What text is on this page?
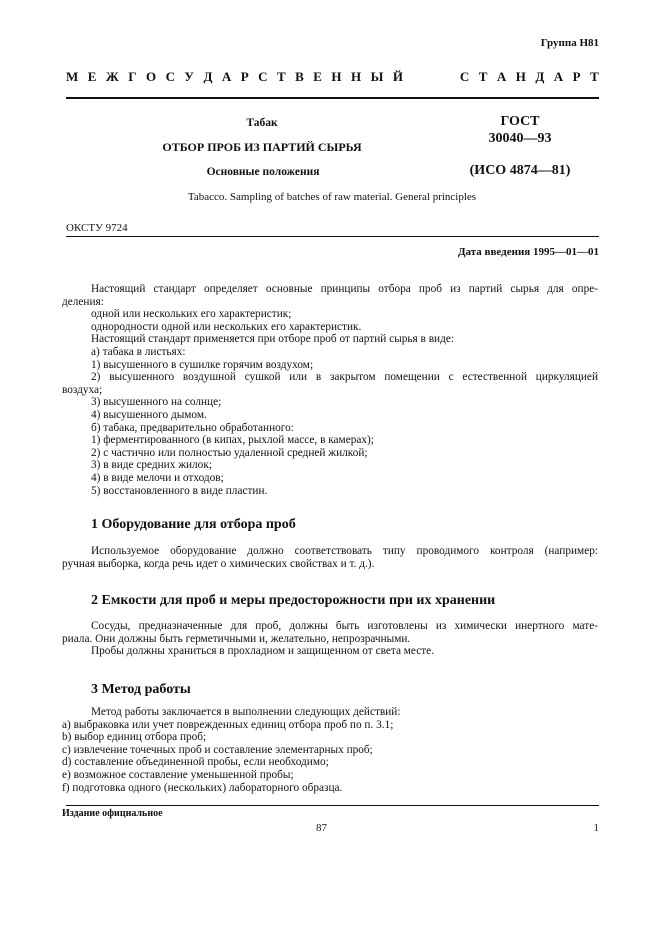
Группа Н81
М Е Ж Г О С У Д А Р С Т В Е Н Н Ы Й	С Т А Н Д А Р Т
Табак
ОТБОР ПРОБ ИЗ ПАРТИЙ СЫРЬЯ
Основные положения
ГОСТ
30040—93
(ИСО 4874—81)
Tabacco. Sampling of batches of raw material. General principles
ОКСТУ 9724
Дата введения 1995—01—01

Настоящий стандарт определяет основные принципы отбора проб из партий сырья для опре-

деления:

одной или нескольких его характеристик;

однородности одной или нескольких его характеристик.

Настоящий стандарт применяется при отборе проб от партий сырья в виде:

а) табака в листьях:

1) высушенного в сушилке горячим воздухом;

2) высушенного воздушной сушкой или в закрытом помещении с естественной циркуляцией

воздуха;

3) высушенного на солнце;

4) высушенного дымом.

б) табака, предварительно обработанного:

1) ферментированного (в кипах, рыхлой массе, в камерах);

2) с частично или полностью удаленной средней жилкой;

3) в виде средних жилок;

4) в виде мелочи и отходов;

5) восстановленного в виде пластин.

1 Оборудование для отбора проб

Используемое оборудование должно соответствовать типу проводимого контроля (например:

ручная выборка, когда речь идет о химических свойствах и т. д.).

2 Емкости для проб и меры предосторожности при их хранении

Сосуды, предназначенные для проб, должны быть изготовлены из химически инертного мате-

риала. Они должны быть герметичными и, желательно, непрозрачными.

Пробы должны храниться в прохладном и защищенном от света месте.

3 Метод работы

Метод работы заключается в выполнении следующих действий:

а) выбраковка или учет поврежденных единиц отбора проб по п. 3.1;

b) выбор единиц отбора проб;

с) извлечение точечных проб и составление элементарных проб;

d) составление объединенной пробы, если необходимо;

е) возможное составление уменьшенной пробы;

f) подготовка одного (нескольких) лабораторного образца.

Издание официальное
87	1
